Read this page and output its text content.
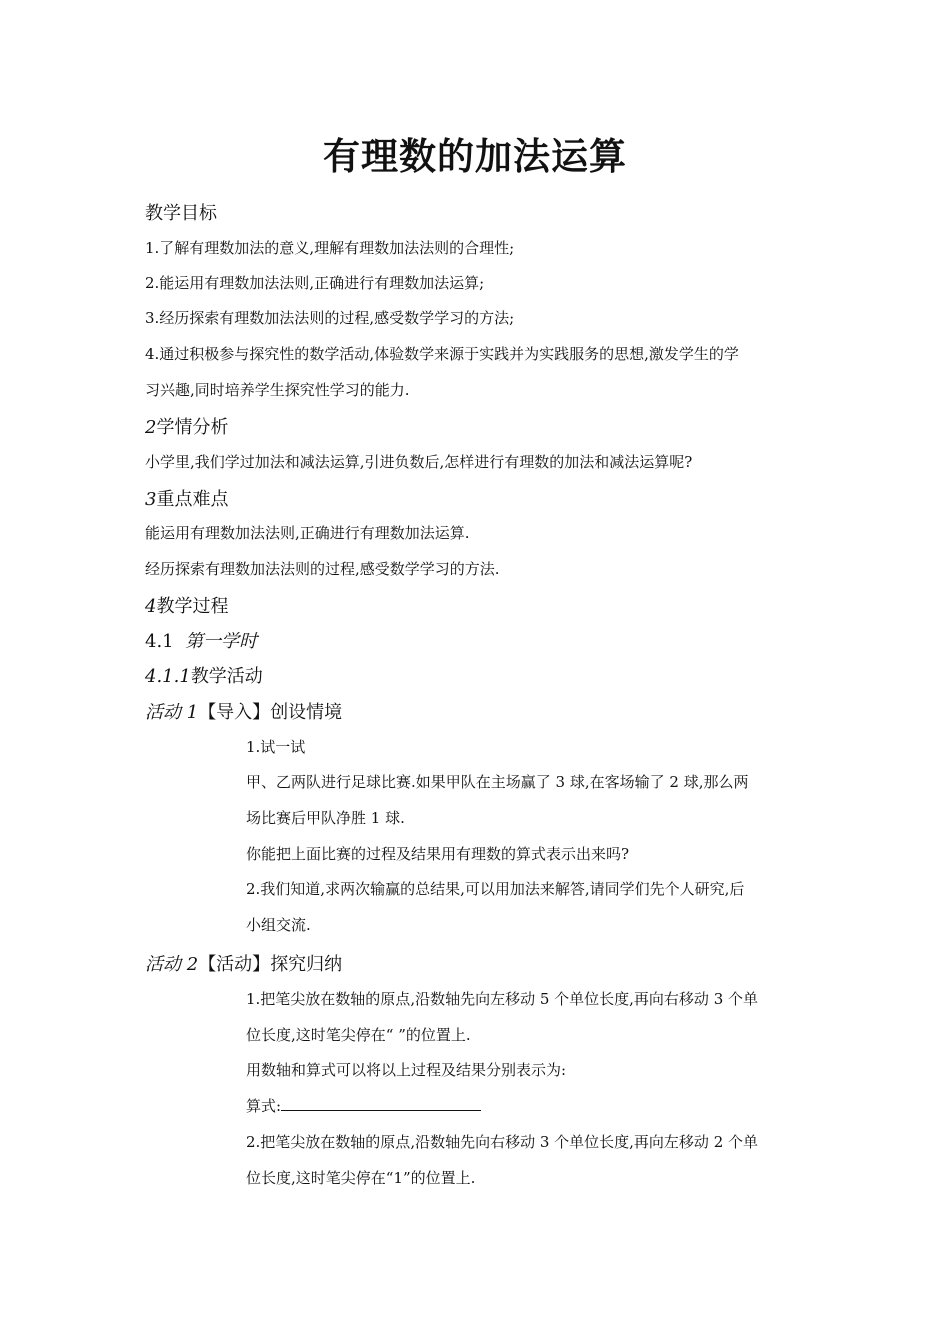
有理数的加法运算
教学目标
1.了解有理数加法的意义,理解有理数加法法则的合理性;
2.能运用有理数加法法则,正确进行有理数加法运算;
3.经历探索有理数加法法则的过程,感受数学学习的方法;
4.通过积极参与探究性的数学活动,体验数学来源于实践并为实践服务的思想,激发学生的学
习兴趣,同时培养学生探究性学习的能力.
2学情分析
小学里,我们学过加法和减法运算,引进负数后,怎样进行有理数的加法和减法运算呢?
3重点难点
能运用有理数加法法则,正确进行有理数加法运算.
经历探索有理数加法法则的过程,感受数学学习的方法.
4教学过程
4.1  第一学时
4.1.1教学活动
活动 1【导入】创设情境
1.试一试
甲、乙两队进行足球比赛.如果甲队在主场赢了 3 球,在客场输了 2 球,那么两
场比赛后甲队净胜 1 球.
你能把上面比赛的过程及结果用有理数的算式表示出来吗?
2.我们知道,求两次输赢的总结果,可以用加法来解答,请同学们先个人研究,后
小组交流.
活动 2【活动】探究归纳
1.把笔尖放在数轴的原点,沿数轴先向左移动 5 个单位长度,再向右移动 3 个单
位长度,这时笔尖停在“ ”的位置上.
用数轴和算式可以将以上过程及结果分别表示为:
算式:
2.把笔尖放在数轴的原点,沿数轴先向右移动 3 个单位长度,再向左移动 2 个单
位长度,这时笔尖停在“1”的位置上.
